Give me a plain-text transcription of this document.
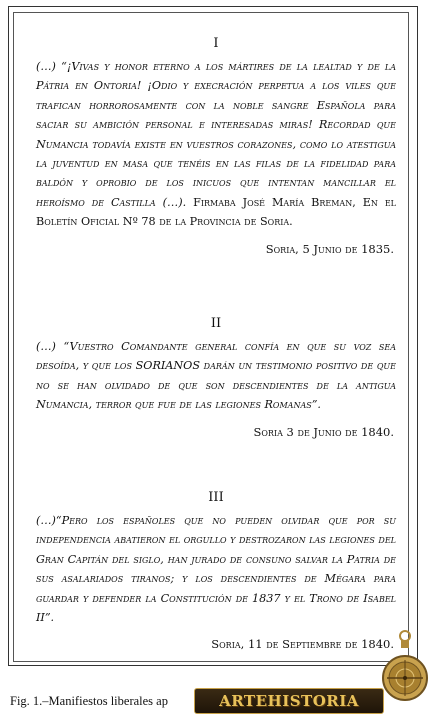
I

(…) “¡Vivas y honor eterno a los mártires de la lealtad y de la Pátria en Ontoria! ¡Odio y execración perpetua a los viles que trafican horrorosamente con la noble sangre Española para saciar su ambición personal e interesadas miras! Recordad que Numancia todavía existe en vuestros corazones, como lo atestigua la juventud en masa que tenéis en las filas de la fidelidad para baldón y oprobio de los inicuos que intentan mancillar el heroísmo de Castilla (…). Firmaba José María Breman, En el Boletín Oficial Nº 78 de la Provincia de Soria.

Soria, 5 Junio de 1835.
II

(…) “Vuestro Comandante general confía en que su voz sea desoída, y que los SORIANOS darán un testimonio positivo de que no se han olvidado de que son descendientes de la antigua Numancia, terror que fue de las legiones Romanas”.

Soria 3 de Junio de 1840.
III

(…)“Pero los españoles que no pueden olvidar que por su independencia abatieron el orgullo y destrozaron las legiones del Gran Capitán del siglo, han jurado de consuno salvar la Patria de sus asalariados tiranos; y los descendientes de Mégara para guardar y defender la Constitución de 1837 y el Trono de Isabel II”.

Soria, 11 de Septiembre de 1840.
Fig. 1.–Manifiestos liberales ap	ARTEHISTORIA
